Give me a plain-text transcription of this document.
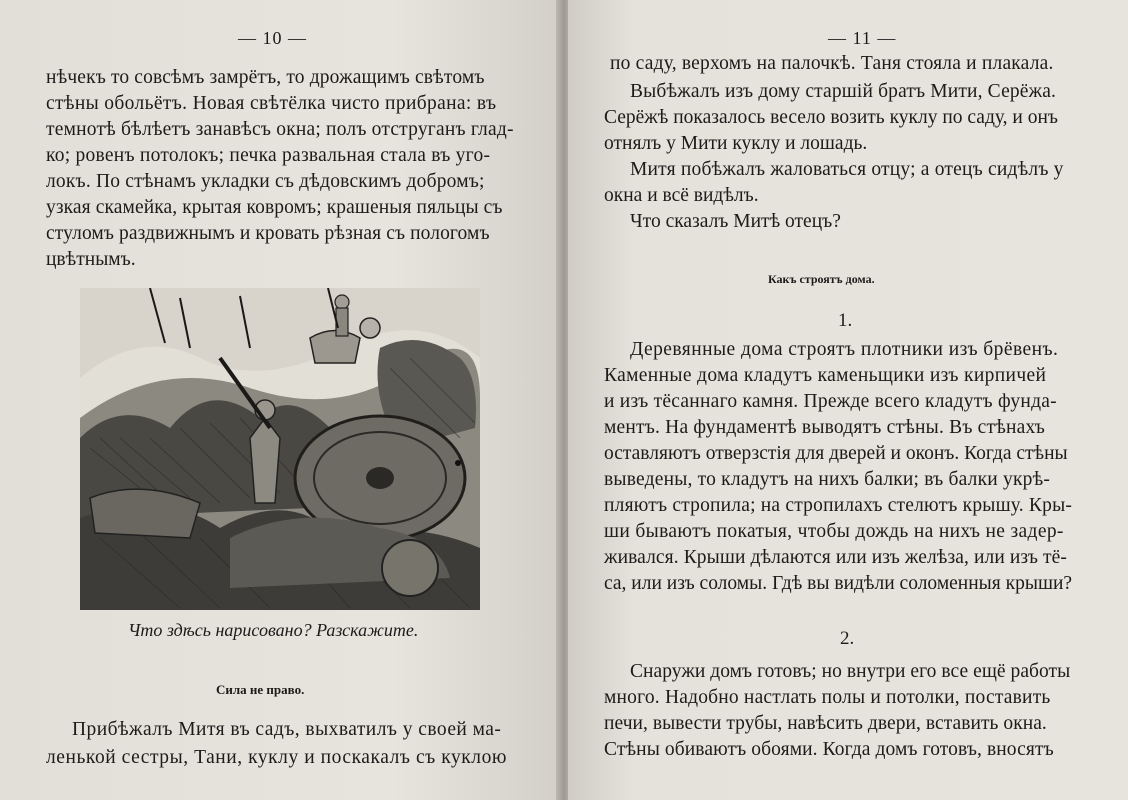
— 10 —
нѣчекъ то совсѣмъ замрётъ, то дрожащимъ свѣтомъ
стѣны обольётъ. Новая свѣтёлка чисто прибрана: въ
темнотѣ бѣлѣетъ занавѣсъ окна; полъ отструганъ глад-
ко; ровенъ потолокъ; печка развальная стала въ уго-
локъ. По стѣнамъ укладки съ дѣдовскимъ добромъ;
узкая скамейка, крытая ковромъ; крашеныя пяльцы съ
стуломъ раздвижнымъ и кровать рѣзная съ пологомъ
цвѣтнымъ.
Что здѣсь нарисовано? Разскажите.
Сила не право.
Прибѣжалъ Митя въ садъ, выхватилъ у своей ма-
ленькой сестры, Тани, куклу и поскакалъ съ куклою
— 11 —
по саду, верхомъ на палочкѣ. Таня стояла и плакала.
Выбѣжалъ изъ дому старшій братъ Мити, Серёжа.
Серёжѣ показалось весело возить куклу по саду, и онъ
отнялъ у Мити куклу и лошадь.
Митя побѣжалъ жаловаться отцу; а отецъ сидѣлъ у
окна и всё видѣлъ.
Что сказалъ Митѣ отецъ?
Какъ строятъ дома.
1.
Деревянные дома строятъ плотники изъ брёвенъ.
Каменные дома кладутъ каменьщики изъ кирпичей
и изъ тёсаннаго камня. Прежде всего кладутъ фунда-
ментъ. На фундаментѣ выводятъ стѣны. Въ стѣнахъ
оставляютъ отверзстія для дверей и оконъ. Когда стѣны
выведены, то кладутъ на нихъ балки; въ балки укрѣ-
пляютъ стропила; на стропилахъ стелютъ крышу. Кры-
ши бываютъ покатыя, чтобы дождь на нихъ не задер-
живался. Крыши дѣлаются или изъ желѣза, или изъ тё-
са, или изъ соломы. Гдѣ вы видѣли соломенныя крыши?
2.
Снаружи домъ готовъ; но внутри его все ещё работы
много. Надобно настлать полы и потолки, поставить
печи, вывести трубы, навѣсить двери, вставить окна.
Стѣны обиваютъ обоями. Когда домъ готовъ, вносятъ
